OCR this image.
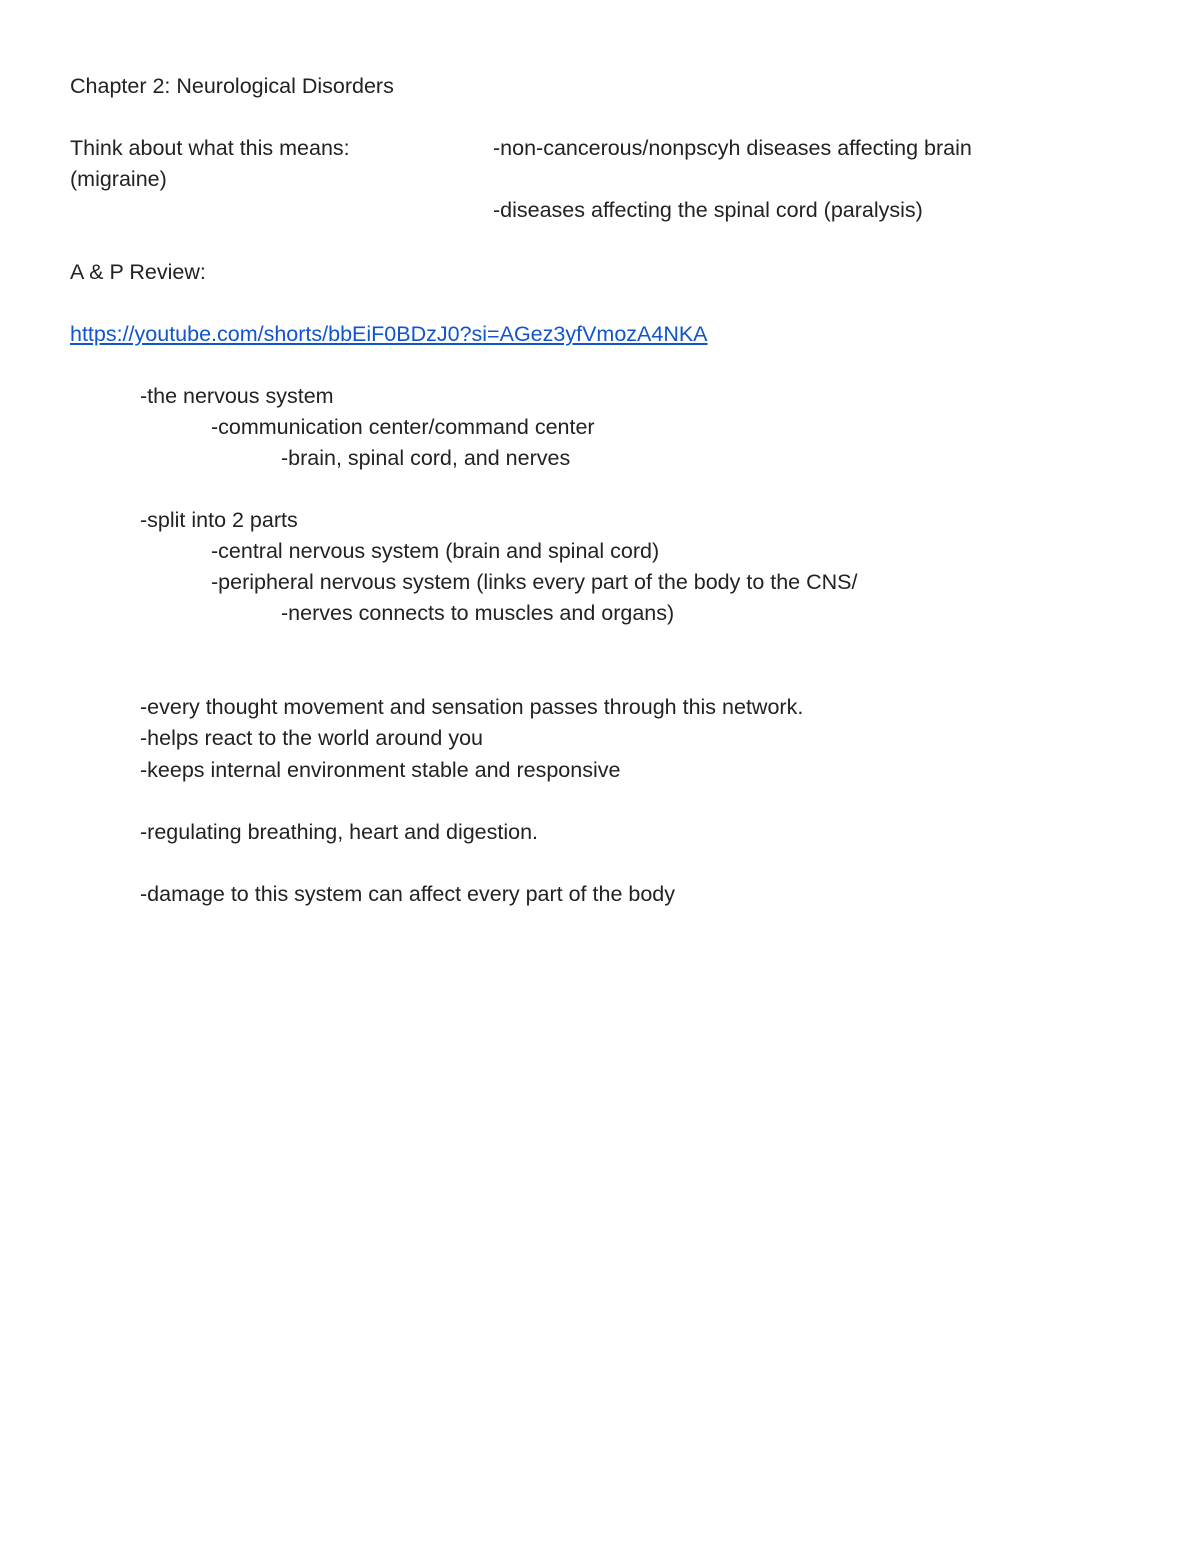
Chapter 2: Neurological Disorders
Think about what this means:	-non-cancerous/nonpscyh diseases affecting brain
(migraine)
-diseases affecting the spinal cord (paralysis)
A & P Review:
https://youtube.com/shorts/bbEiF0BDzJ0?si=AGez3yfVmozA4NKA
-the nervous system
-communication center/command center
-brain, spinal cord, and nerves
-split into 2 parts
-central nervous system (brain and spinal cord)
-peripheral nervous system (links every part of the body to the CNS/
-nerves connects to muscles and organs)
-every thought movement and sensation passes through this network.
-helps react to the world around you
-keeps internal environment stable and responsive
-regulating breathing, heart and digestion.
-damage to this system can affect every part of the body
